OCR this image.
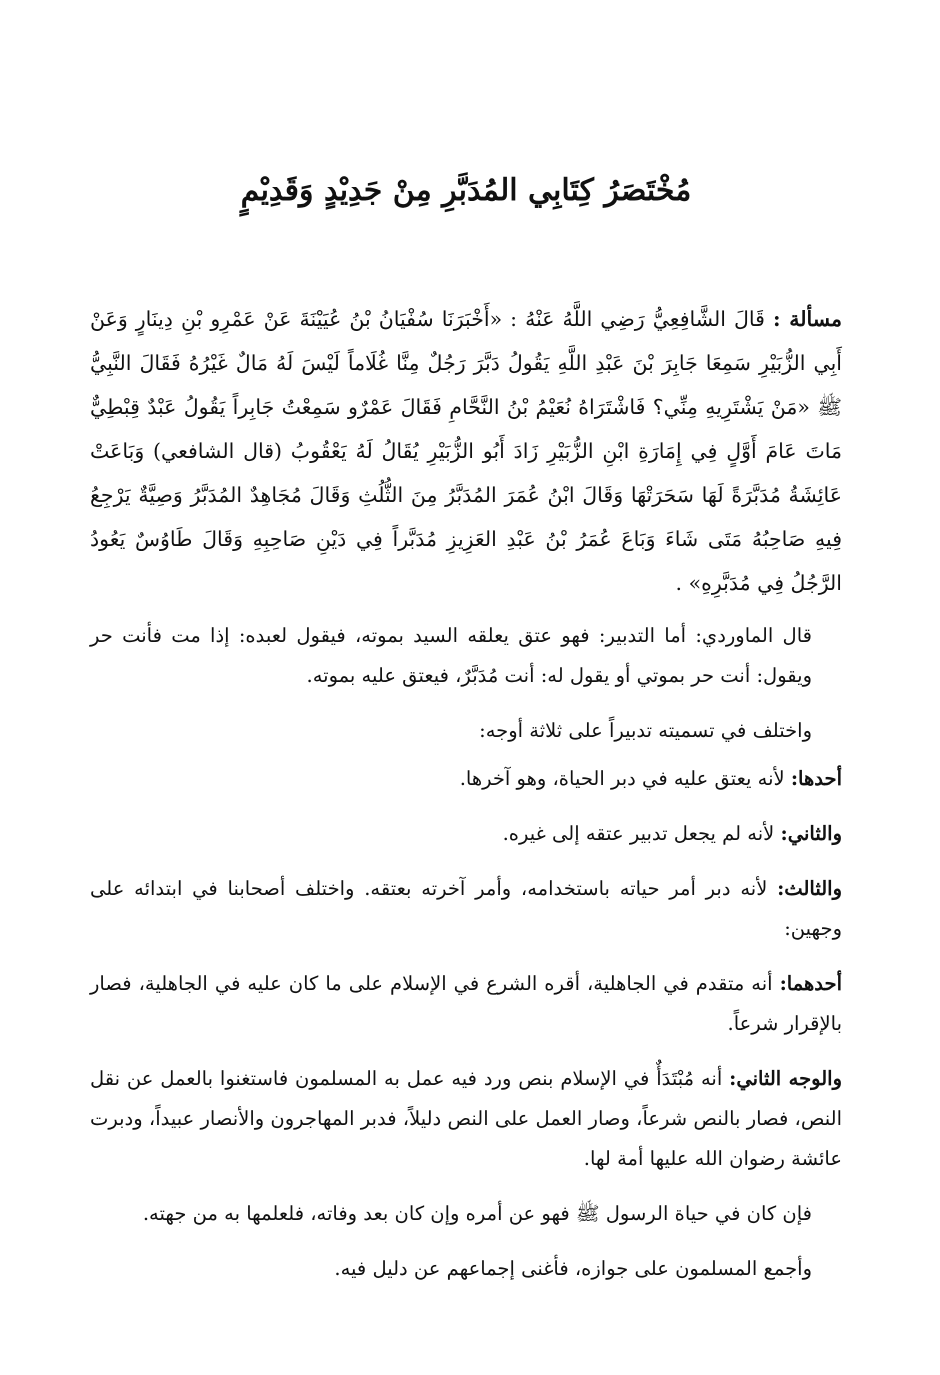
مُخْتَصَرُ كِتَابِي المُدَبَّرِ مِنْ جَدِيْدٍ وَقَدِيْمٍ
مسألة : قَالَ الشَّافِعِيُّ رَضِي اللَّهُ عَنْهُ : «أَخْبَرَنَا سُفْيَانُ بْنُ عُيَيْنَةَ عَنْ عَمْرِو بْنِ دِينَارٍ وَعَنْ أَبِي الزُّبَيْرِ سَمِعَا جَابِرَ بْنَ عَبْدِ اللَّهِ يَقُولُ دَبَّرَ رَجُلٌ مِنَّا غُلَاماً لَيْسَ لَهُ مَالٌ غَيْرُهُ فَقَالَ النَّبِيُّ ﷺ «مَنْ يَشْتَرِيهِ مِنِّي؟ فَاشْتَرَاهُ نُعَيْمُ بْنُ النَّحَّامِ فَقَالَ عَمْرٌو سَمِعْتُ جَابِراً يَقُولُ عَبْدٌ قِبْطِيٌّ مَاتَ عَامَ أَوَّلٍ فِي إِمَارَةِ ابْنِ الزُّبَيْرِ زَادَ أَبُو الزُّبَيْرِ يُقَالُ لَهُ يَعْقُوبُ (قال الشافعي) وَبَاعَتْ عَائِشَةُ مُدَبَّرَةً لَهَا سَحَرَتْهَا وَقَالَ ابْنُ عُمَرَ المُدَبَّرُ مِنَ الثُّلُثِ وَقَالَ مُجَاهِدٌ المُدَبَّرُ وَصِيَّةٌ يَرْجِعُ فِيهِ صَاحِبُهُ مَتَى شَاءَ وَبَاعَ عُمَرُ بْنُ عَبْدِ العَزِيزِ مُدَبَّراً فِي دَيْنِ صَاحِبِهِ وَقَالَ طَاوُسٌ يَعُودُ الرَّجُلُ فِي مُدَبَّرِهِ» .

قال الماوردي: أما التدبير: فهو عتق يعلقه السيد بموته، فيقول لعبده: إذا مت فأنت حر ويقول: أنت حر بموتي أو يقول له: أنت مُدَبَّرٌ، فيعتق عليه بموته.

واختلف في تسميته تدبيراً على ثلاثة أوجه:

أحدها: لأنه يعتق عليه في دبر الحياة، وهو آخرها.

والثاني: لأنه لم يجعل تدبير عتقه إلى غيره.

والثالث: لأنه دبر أمر حياته باستخدامه، وأمر آخرته بعتقه. واختلف أصحابنا في ابتدائه على وجهين:

أحدهما: أنه متقدم في الجاهلية، أقره الشرع في الإسلام على ما كان عليه في الجاهلية، فصار بالإقرار شرعاً.

والوجه الثاني: أنه مُبْتَدَأٌ في الإسلام بنص ورد فيه عمل به المسلمون فاستغنوا بالعمل عن نقل النص، فصار بالنص شرعاً، وصار العمل على النص دليلاً، فدبر المهاجرون والأنصار عبيداً، ودبرت عائشة رضوان الله عليها أمة لها.

فإن كان في حياة الرسول ﷺ فهو عن أمره وإن كان بعد وفاته، فلعلمها به من جهته.

وأجمع المسلمون على جوازه، فأغنى إجماعهم عن دليل فيه.
